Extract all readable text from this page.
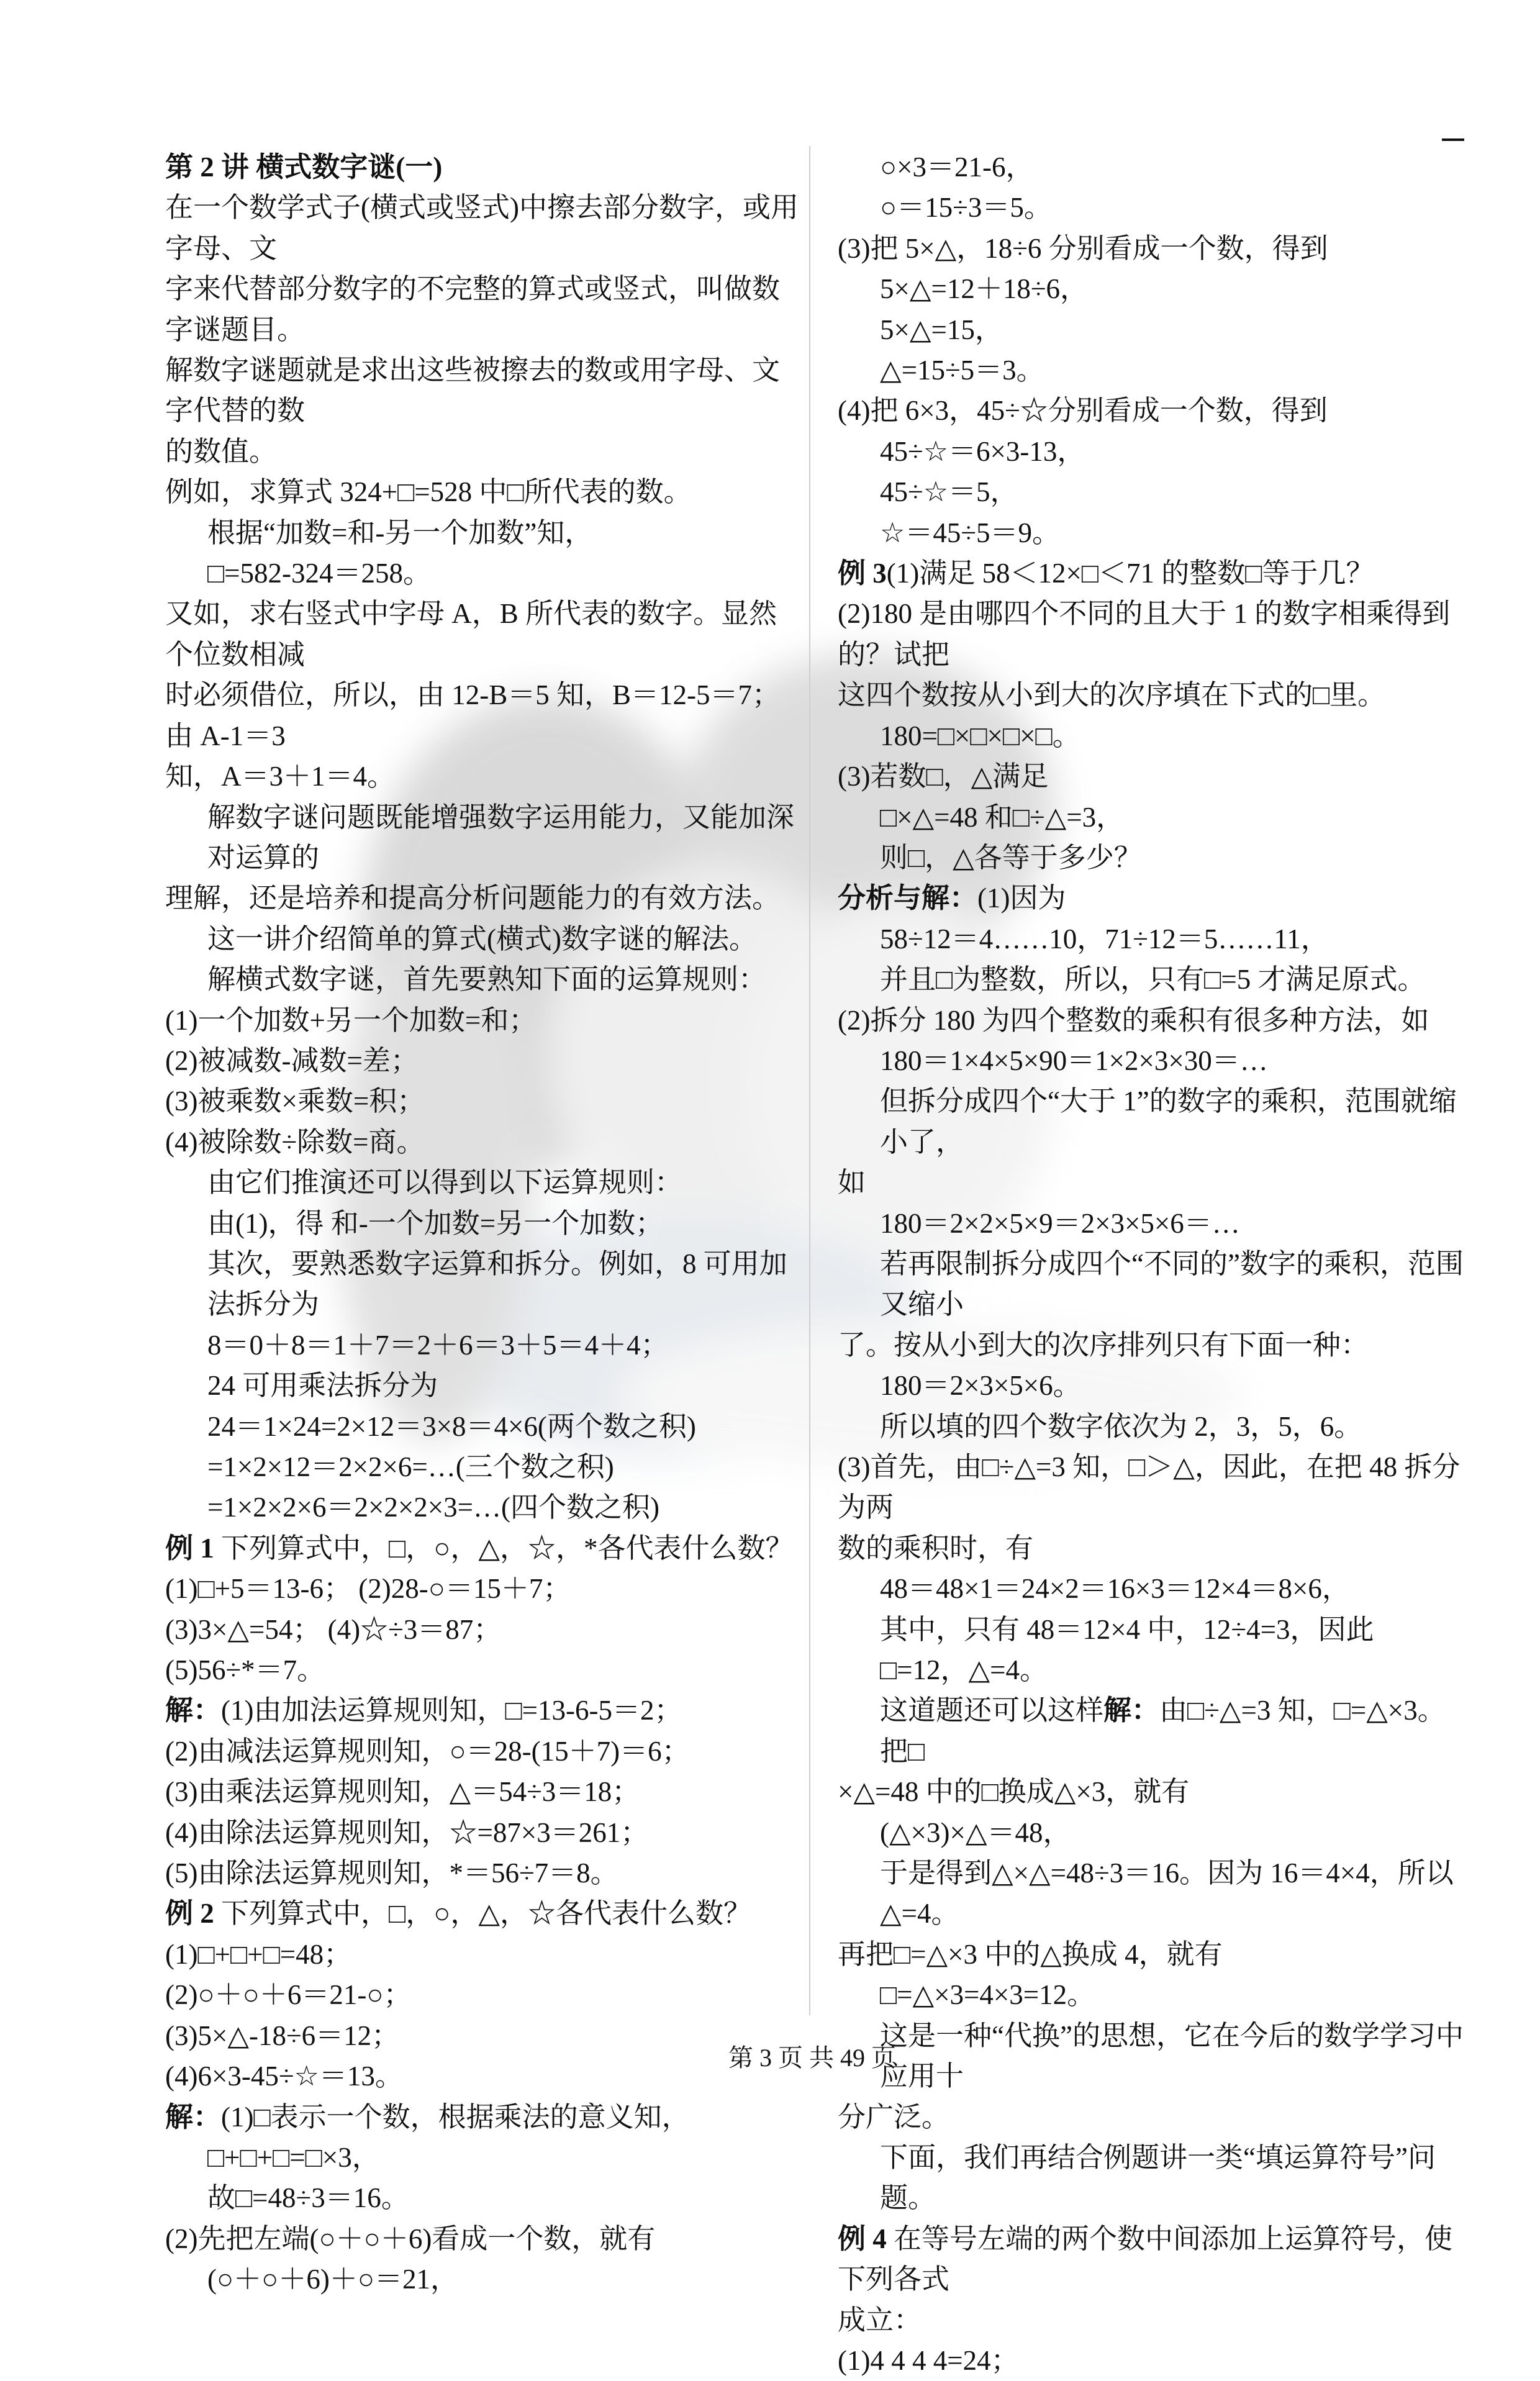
第 2 讲 横式数字谜(一)
在一个数学式子(横式或竖式)中擦去部分数字，或用字母、文
字来代替部分数字的不完整的算式或竖式，叫做数字谜题目。
解数字谜题就是求出这些被擦去的数或用字母、文字代替的数
的数值。
例如，求算式 324+□=528 中□所代表的数。
根据“加数=和-另一个加数”知，
□=582-324＝258。
又如，求右竖式中字母 A，B 所代表的数字。显然个位数相减
时必须借位，所以，由 12-B＝5 知，B＝12-5＝7；由 A-1＝3
知，A＝3＋1＝4。
解数字谜问题既能增强数字运用能力，又能加深对运算的
理解，还是培养和提高分析问题能力的有效方法。
这一讲介绍简单的算式(横式)数字谜的解法。
解横式数字谜，首先要熟知下面的运算规则：
(1)一个加数+另一个加数=和；
(2)被减数-减数=差；
(3)被乘数×乘数=积；
(4)被除数÷除数=商。
由它们推演还可以得到以下运算规则：
由(1)，得 和-一个加数=另一个加数；
其次，要熟悉数字运算和拆分。例如，8 可用加法拆分为
8＝0＋8＝1＋7＝2＋6＝3＋5＝4＋4；
24 可用乘法拆分为
24＝1×24=2×12＝3×8＝4×6(两个数之积)
=1×2×12＝2×2×6=…(三个数之积)
=1×2×2×6＝2×2×2×3=…(四个数之积)
例 1 下列算式中，□，○，△，☆，*各代表什么数？
(1)□+5＝13-6； (2)28-○＝15＋7；
(3)3×△=54； (4)☆÷3＝87；
(5)56÷*＝7。
解：(1)由加法运算规则知，□=13-6-5＝2；
(2)由减法运算规则知，○＝28-(15＋7)＝6；
(3)由乘法运算规则知，△＝54÷3＝18；
(4)由除法运算规则知，☆=87×3＝261；
(5)由除法运算规则知，*＝56÷7＝8。
例 2 下列算式中，□，○，△，☆各代表什么数？
(1)□+□+□=48；
(2)○＋○＋6＝21-○；
(3)5×△-18÷6＝12；
(4)6×3-45÷☆＝13。
解：(1)□表示一个数，根据乘法的意义知，
□+□+□=□×3，
故□=48÷3＝16。
(2)先把左端(○＋○＋6)看成一个数，就有
(○＋○＋6)＋○＝21，
○×3＝21-6，
○＝15÷3＝5。
(3)把 5×△，18÷6 分别看成一个数，得到
5×△=12＋18÷6，
5×△=15，
△=15÷5＝3。
(4)把 6×3，45÷☆分别看成一个数，得到
45÷☆＝6×3-13，
45÷☆＝5，
☆＝45÷5＝9。
例 3(1)满足 58＜12×□＜71 的整数□等于几？
(2)180 是由哪四个不同的且大于 1 的数字相乘得到的？试把
这四个数按从小到大的次序填在下式的□里。
180=□×□×□×□。
(3)若数□，△满足
□×△=48 和□÷△=3，
则□，△各等于多少？
分析与解：(1)因为
58÷12＝4……10，71÷12＝5……11，
并且□为整数，所以，只有□=5 才满足原式。
(2)拆分 180 为四个整数的乘积有很多种方法，如
180＝1×4×5×90＝1×2×3×30＝…
但拆分成四个“大于 1”的数字的乘积，范围就缩小了，
如
180＝2×2×5×9＝2×3×5×6＝…
若再限制拆分成四个“不同的”数字的乘积，范围又缩小
了。按从小到大的次序排列只有下面一种：
180＝2×3×5×6。
所以填的四个数字依次为 2，3，5，6。
(3)首先，由□÷△=3 知，□＞△，因此，在把 48 拆分为两
数的乘积时，有
48＝48×1＝24×2＝16×3＝12×4＝8×6，
其中，只有 48＝12×4 中，12÷4=3，因此
□=12，△=4。
这道题还可以这样解：由□÷△=3 知，□=△×3。把□
×△=48 中的□换成△×3，就有
(△×3)×△＝48，
于是得到△×△=48÷3＝16。因为 16＝4×4，所以△=4。
再把□=△×3 中的△换成 4，就有
□=△×3=4×3=12。
这是一种“代换”的思想，它在今后的数学学习中应用十
分广泛。
下面，我们再结合例题讲一类“填运算符号”问题。
例 4 在等号左端的两个数中间添加上运算符号，使下列各式
成立：
(1)4 4 4 4=24；
第 3 页 共 49 页
